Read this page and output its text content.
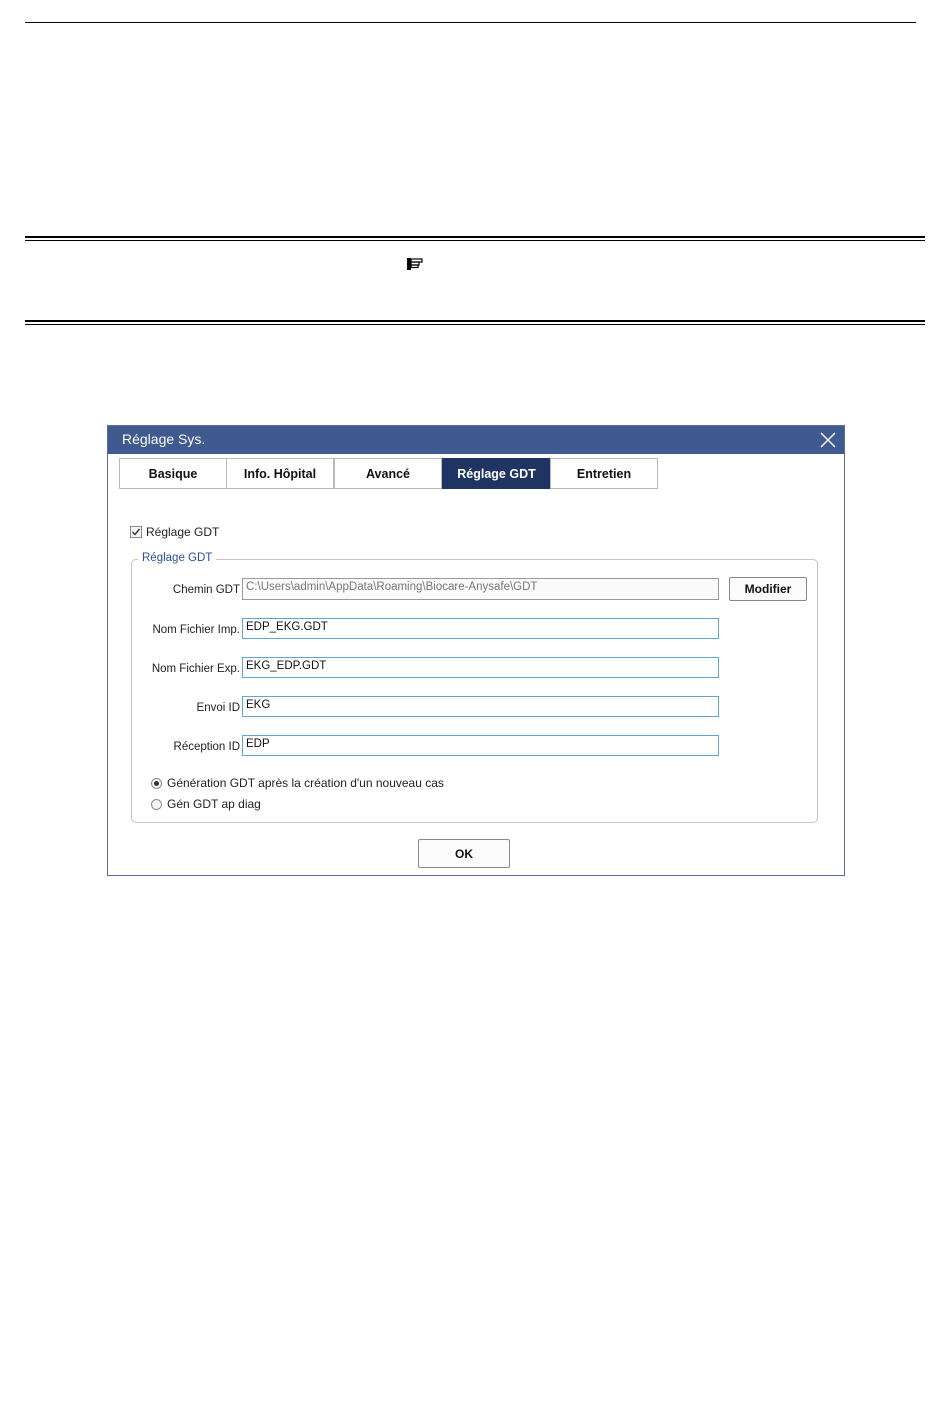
Réglage Sys.
Basique	Info. Hôpital	Avancé	Réglage GDT	Entretien
Réglage GDT
Réglage GDT
Chemin GDT C:\Users\admin\AppData\Roaming\Biocare-Anysafe\GDT	Modifier
Nom Fichier Imp. EDP_EKG.GDT
Nom Fichier Exp. EKG_EDP.GDT
Envoi ID EKG
Réception ID EDP
Génération GDT après la création d'un nouveau cas
Gén GDT ap diag
OK
